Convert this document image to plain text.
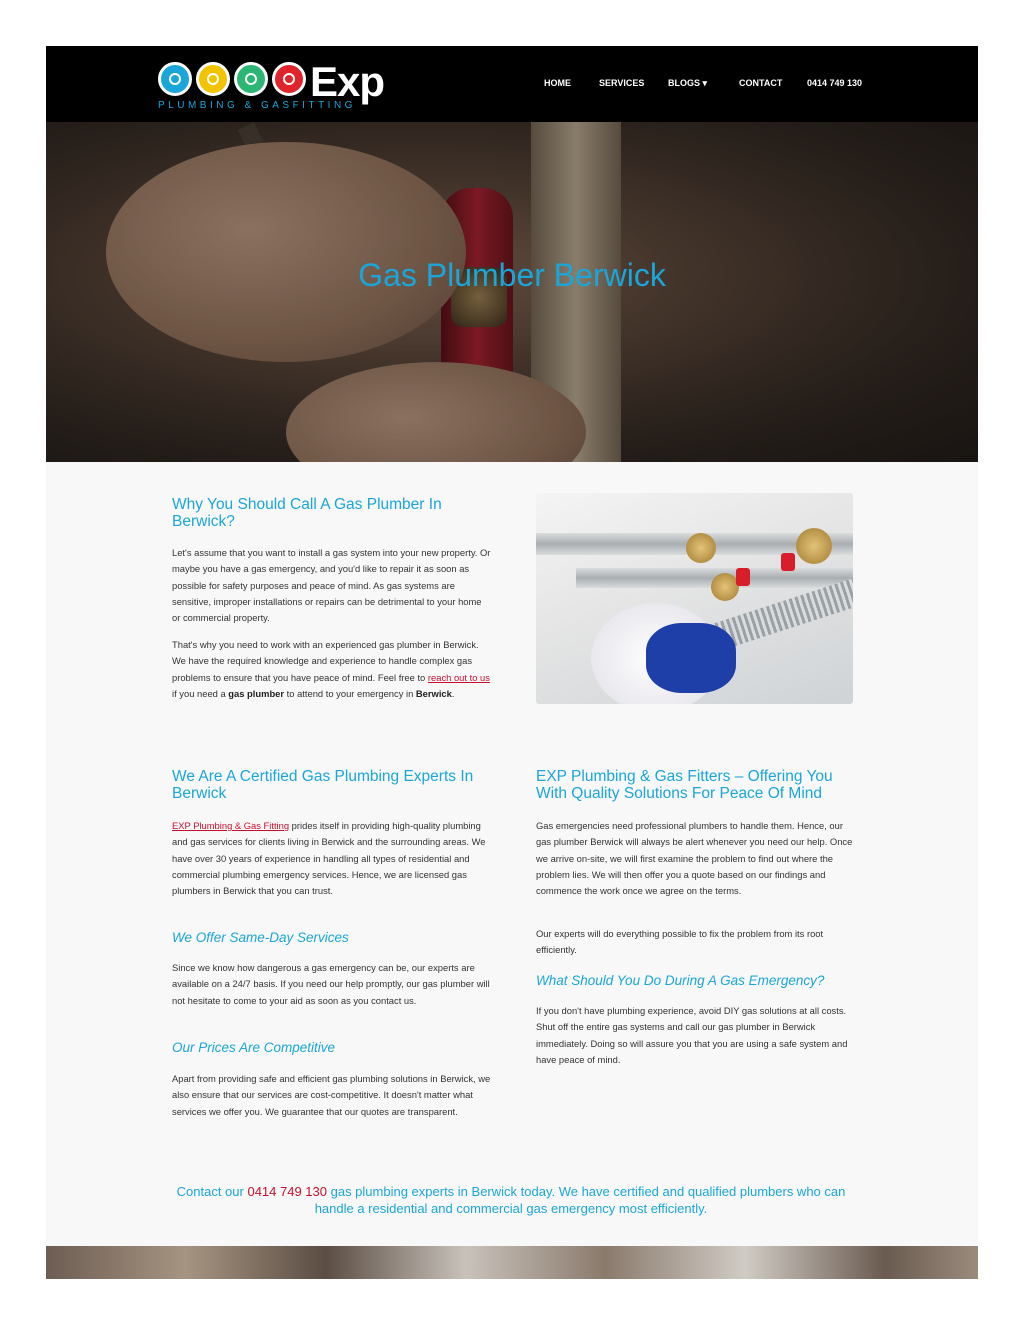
Exp
PLUMBING & GASFITTING
HOME	SERVICES	BLOGS ▾	CONTACT	0414 749 130
Gas Plumber Berwick
Why You Should Call A Gas Plumber In Berwick?
Let's assume that you want to install a gas system into your new property. Or maybe you have a gas emergency, and you'd like to repair it as soon as possible for safety purposes and peace of mind. As gas systems are sensitive, improper installations or repairs can be detrimental to your home or commercial property.
That's why you need to work with an experienced gas plumber in Berwick. We have the required knowledge and experience to handle complex gas problems to ensure that you have peace of mind. Feel free to reach out to us if you need a gas plumber to attend to your emergency in Berwick.
We Are A Certified Gas Plumbing Experts In Berwick
EXP Plumbing & Gas Fitting prides itself in providing high-quality plumbing and gas services for clients living in Berwick and the surrounding areas. We have over 30 years of experience in handling all types of residential and commercial plumbing emergency services. Hence, we are licensed gas plumbers in Berwick that you can trust.
We Offer Same-Day Services
Since we know how dangerous a gas emergency can be, our experts are available on a 24/7 basis. If you need our help promptly, our gas plumber will not hesitate to come to your aid as soon as you contact us.
Our Prices Are Competitive
Apart from providing safe and efficient gas plumbing solutions in Berwick, we also ensure that our services are cost-competitive. It doesn't matter what services we offer you. We guarantee that our quotes are transparent.
EXP Plumbing & Gas Fitters – Offering You With Quality Solutions For Peace Of Mind
Gas emergencies need professional plumbers to handle them. Hence, our gas plumber Berwick will always be alert whenever you need our help. Once we arrive on-site, we will first examine the problem to find out where the problem lies. We will then offer you a quote based on our findings and commence the work once we agree on the terms.
Our experts will do everything possible to fix the problem from its root efficiently.
What Should You Do During A Gas Emergency?
If you don't have plumbing experience, avoid DIY gas solutions at all costs. Shut off the entire gas systems and call our gas plumber in Berwick immediately. Doing so will assure you that you are using a safe system and have peace of mind.
Contact our 0414 749 130 gas plumbing experts in Berwick today. We have certified and qualified plumbers who can handle a residential and commercial gas emergency most efficiently.
